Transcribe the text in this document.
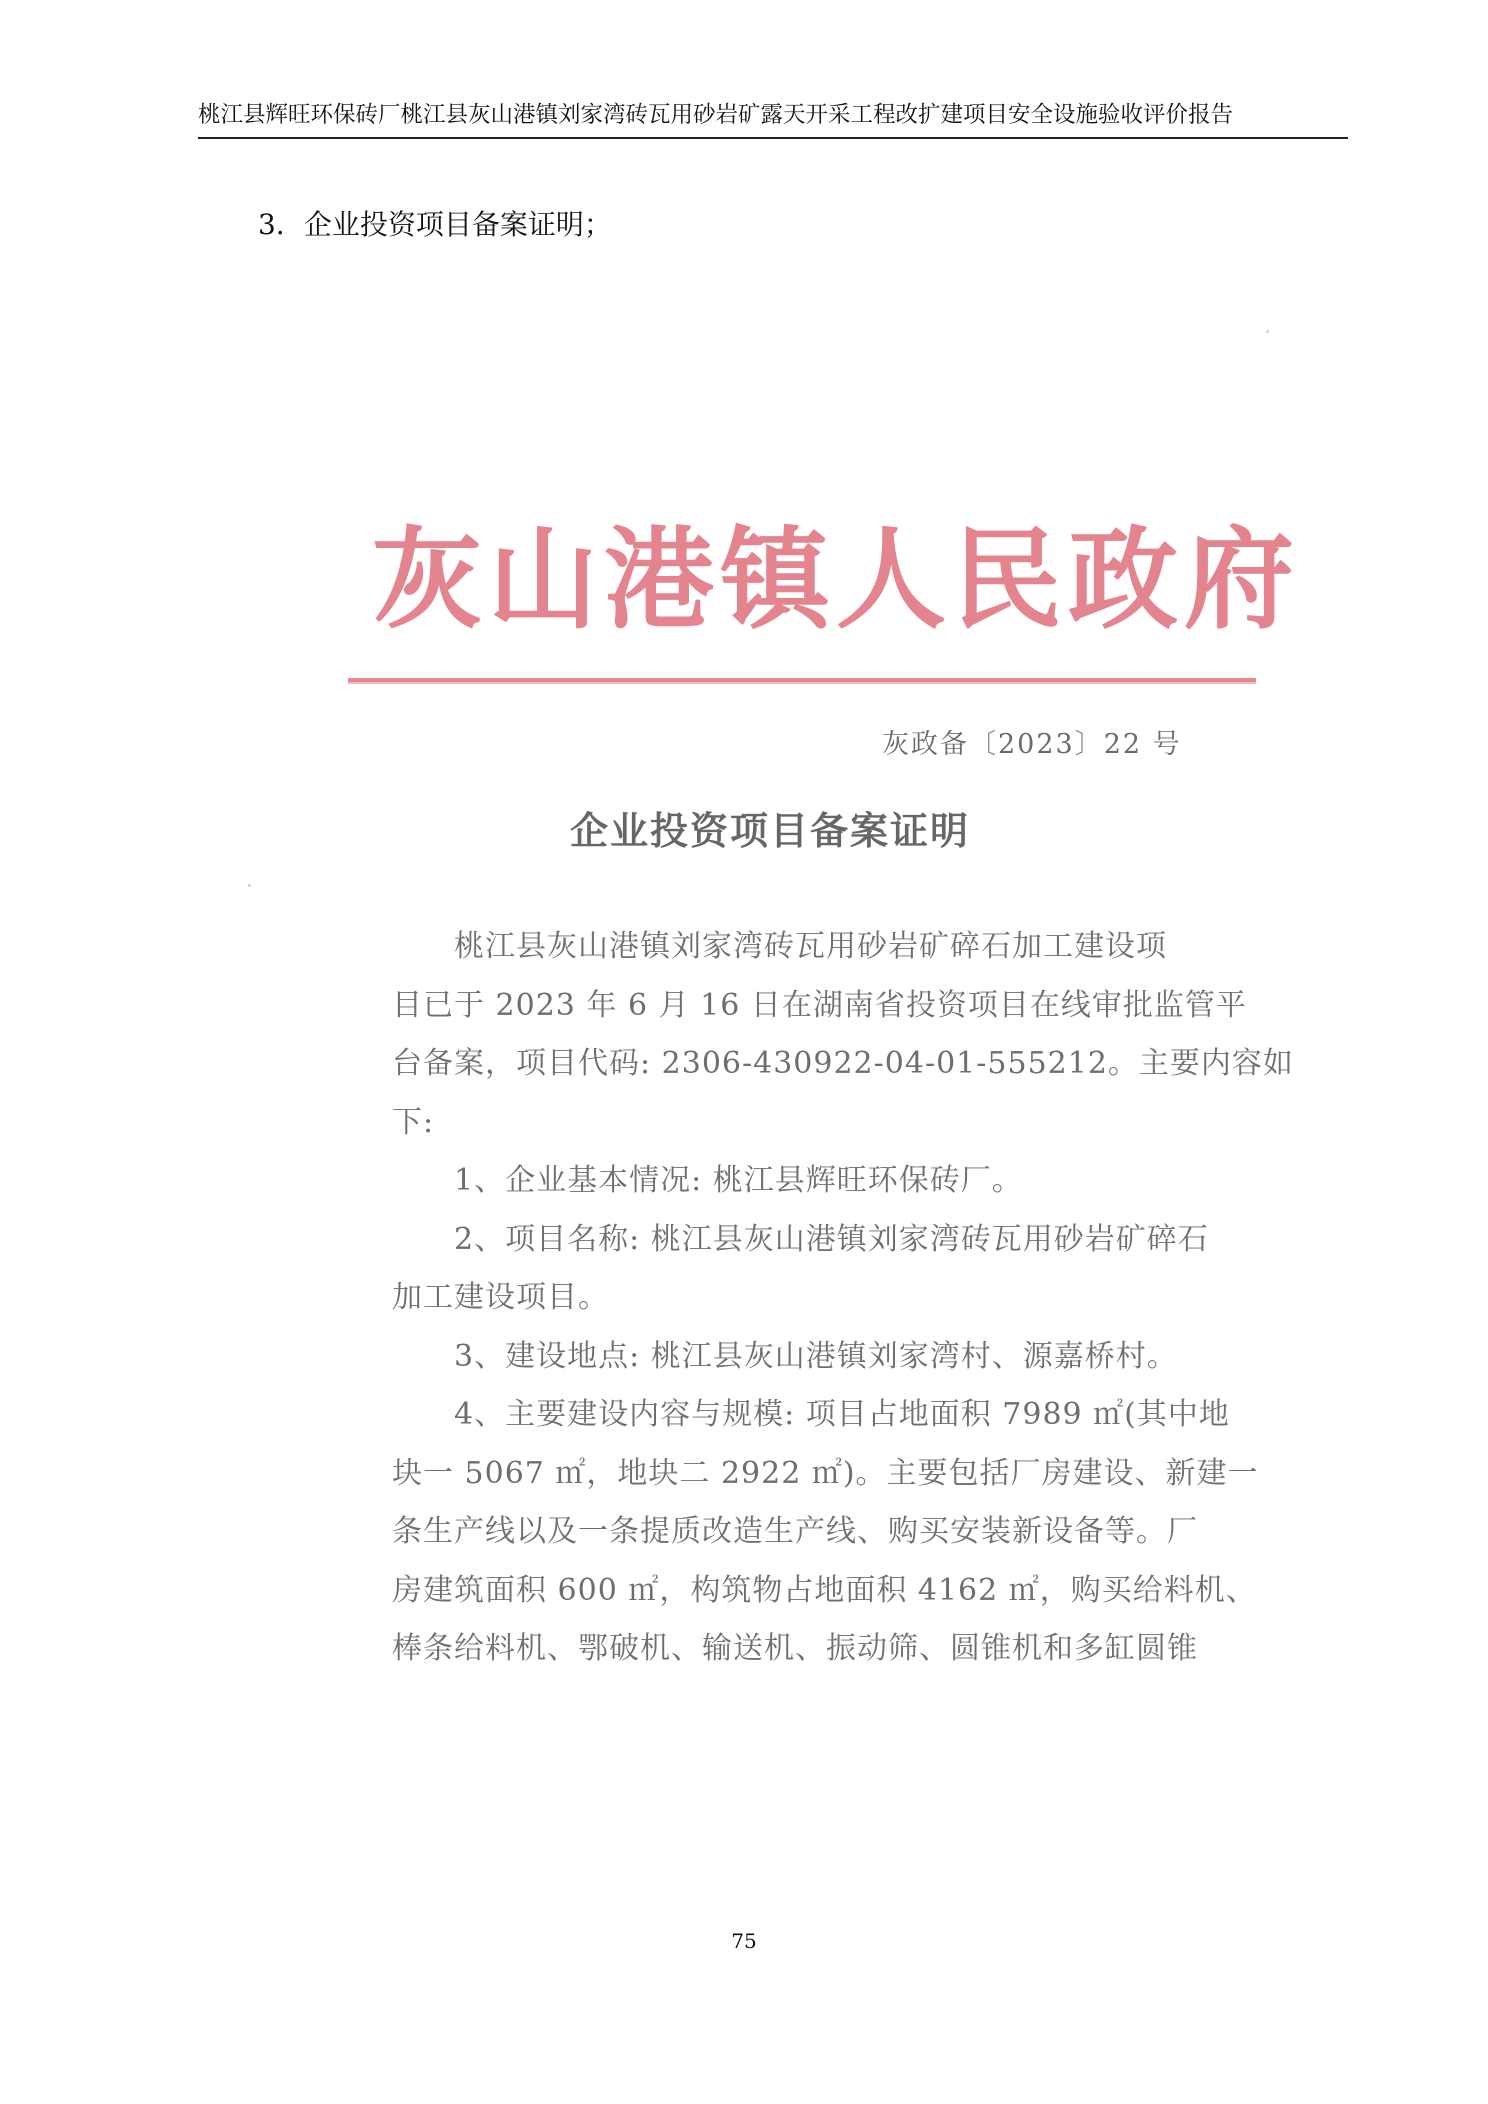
桃江县辉旺环保砖厂桃江县灰山港镇刘家湾砖瓦用砂岩矿露天开采工程改扩建项目安全设施验收评价报告
3．企业投资项目备案证明；
灰山港镇人民政府
灰政备〔2023〕22 号
企业投资项目备案证明
桃江县灰山港镇刘家湾砖瓦用砂岩矿碎石加工建设项
目已于 2023 年 6 月 16 日在湖南省投资项目在线审批监管平
台备案，项目代码: 2306-430922-04-01-555212。主要内容如
下:
1、企业基本情况: 桃江县辉旺环保砖厂。
2、项目名称: 桃江县灰山港镇刘家湾砖瓦用砂岩矿碎石
加工建设项目。
3、建设地点: 桃江县灰山港镇刘家湾村、源嘉桥村。
4、主要建设内容与规模: 项目占地面积 7989 ㎡(其中地
块一 5067 ㎡，地块二 2922 ㎡)。主要包括厂房建设、新建一
条生产线以及一条提质改造生产线、购买安装新设备等。厂
房建筑面积 600 ㎡，构筑物占地面积 4162 ㎡，购买给料机、
棒条给料机、鄂破机、输送机、振动筛、圆锥机和多缸圆锥
75
